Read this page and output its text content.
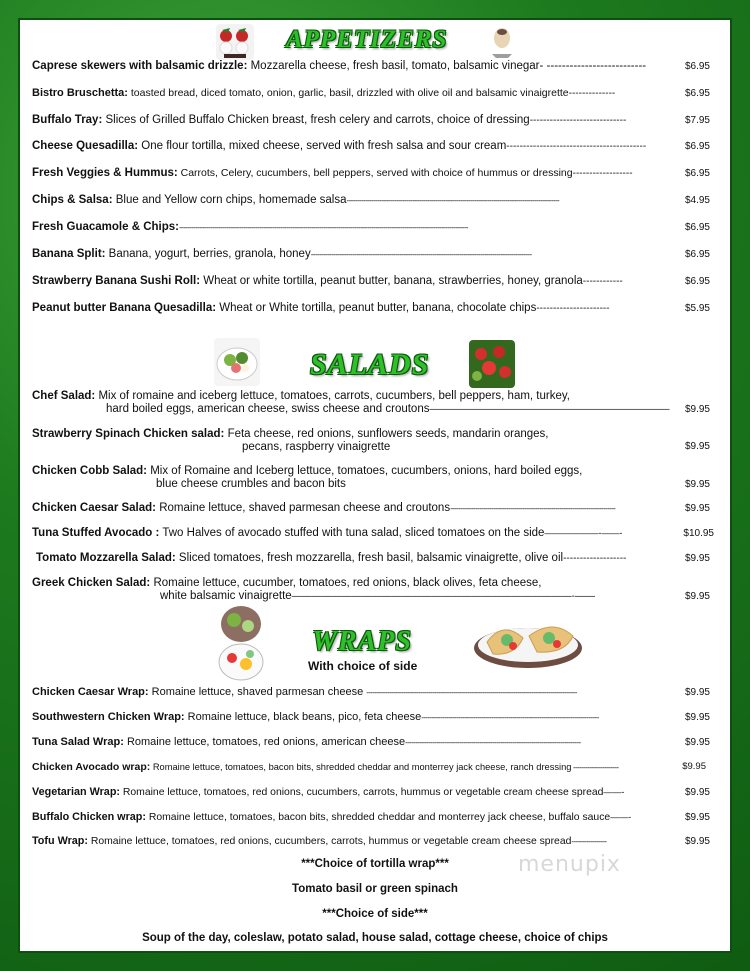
APPETIZERS
Caprese skewers with balsamic drizzle: Mozzarella cheese, fresh basil, tomato, balsamic vinegar- --------------------------	$6.95
Bistro Bruschetta: toasted bread, diced tomato, onion, garlic, basil, drizzled with olive oil and balsamic vinaigrette--------------	$6.95
Buffalo Tray: Slices of Grilled Buffalo Chicken breast, fresh celery and carrots, choice of dressing-----------------------------	$7.95
Cheese Quesadilla: One flour tortilla, mixed cheese, served with fresh salsa and sour cream------------------------------------------	$6.95
Fresh Veggies & Hummus: Carrots, Celery, cucumbers, bell peppers, served with choice of hummus or dressing------------------	$6.95
Chips & Salsa: Blue and Yellow corn chips, homemade salsa-------------------------------------------------------------------------------------------------------	$4.95
Fresh Guacamole & Chips:--------------------------------------------------------------------------------------------------------------------------------------------	$6.95
Banana Split: Banana, yogurt, berries, granola, honey-----------------------------------------------------------------------------------------------------------	$6.95
Strawberry Banana Sushi Roll: Wheat or white tortilla, peanut butter, banana, strawberries, honey, granola------------	$6.95
Peanut butter Banana Quesadilla: Wheat or White tortilla, peanut butter, banana, chocolate chips----------------------	$5.95
SALADS
Chef Salad: Mix of romaine and iceberg lettuce, tomatoes, carrots, cucumbers, bell peppers, ham, turkey,
hard boiled eggs, american cheese, swiss cheese and croutons———————————————————————— $9.95
Strawberry Spinach Chicken salad: Feta cheese, red onions, sunflowers seeds, mandarin oranges,
pecans, raspberry vinaigrette	$9.95
Chicken Cobb Salad: Mix of Romaine and Iceberg lettuce, tomatoes, cucumbers, onions, hard boiled eggs,
blue cheese crumbles and bacon bits	$9.95
Chicken Caesar Salad: Romaine lettuce, shaved parmesan cheese and croutons--------------------------------------------------------------------------------	$9.95
Tuna Stuffed Avocado : Two Halves of avocado stuffed with tuna salad, sliced tomatoes on the side——————-——-	$10.95
Tomato Mozzarella Salad: Sliced tomatoes, fresh mozzarella, fresh basil, balsamic vinaigrette, olive oil-------------------	$9.95
Greek Chicken Salad: Romaine lettuce, cucumber, tomatoes, red onions, black olives, feta cheese,
white balsamic vinaigrette————————————————————————————-——	$9.95
WRAPS
With choice of side
Chicken Caesar Wrap: Romaine lettuce, shaved parmesan cheese ------------------------------------------------------------------------------------------------------	$9.95
Southwestern Chicken Wrap: Romaine lettuce, black beans, pico, feta cheese--------------------------------------------------------------------------------------	$9.95
Tuna Salad Wrap: Romaine lettuce, tomatoes, red onions, american cheese-------------------------------------------------------------------------------------	$9.95
Chicken Avocado wrap: Romaine lettuce, tomatoes, bacon bits, shredded cheddar and monterrey jack cheese, ranch dressing ----------------------	$9.95
Vegetarian Wrap: Romaine lettuce, tomatoes, red onions, cucumbers, carrots, hummus or vegetable cream cheese spread——-	$9.95
Buffalo Chicken wrap: Romaine lettuce, tomatoes, bacon bits, shredded cheddar and monterrey jack cheese, buffalo sauce——-	$9.95
Tofu Wrap: Romaine lettuce, tomatoes, red onions, cucumbers, carrots, hummus or vegetable cream cheese spread-----------------	$9.95
***Choice of tortilla wrap***
Tomato basil or green spinach
***Choice of side***
Soup of the day, coleslaw, potato salad, house salad, cottage cheese, choice of chips
menupix
